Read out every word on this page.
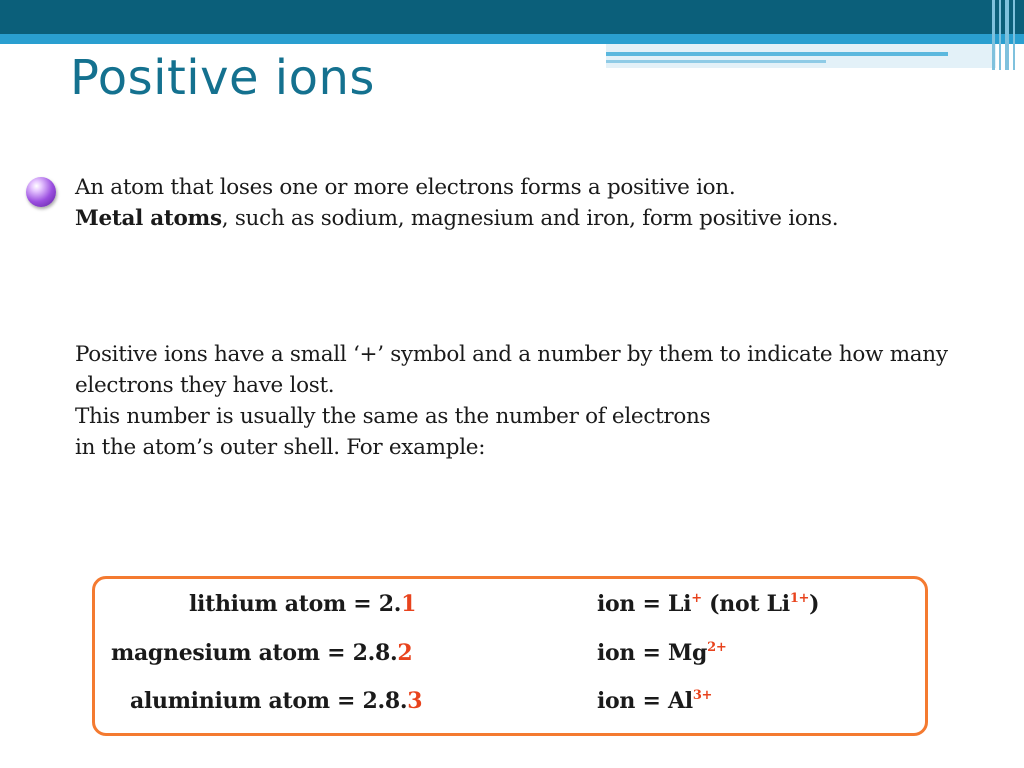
Positive ions
An atom that loses one or more electrons forms a positive ion.
Metal atoms, such as sodium, magnesium and iron, form positive ions.
Positive ions have a small ‘+’ symbol and a number by them to indicate how many
electrons they have lost.
This number is usually the same as the number of electrons
in the atom’s outer shell. For example:
lithium atom = 2.1	ion = Li+ (not $Li^{1+}$)
magnesium atom = 2.8.2	ion = $Mg^{2+}$
aluminium atom = 2.8.3	ion = $Al^{3+}$
